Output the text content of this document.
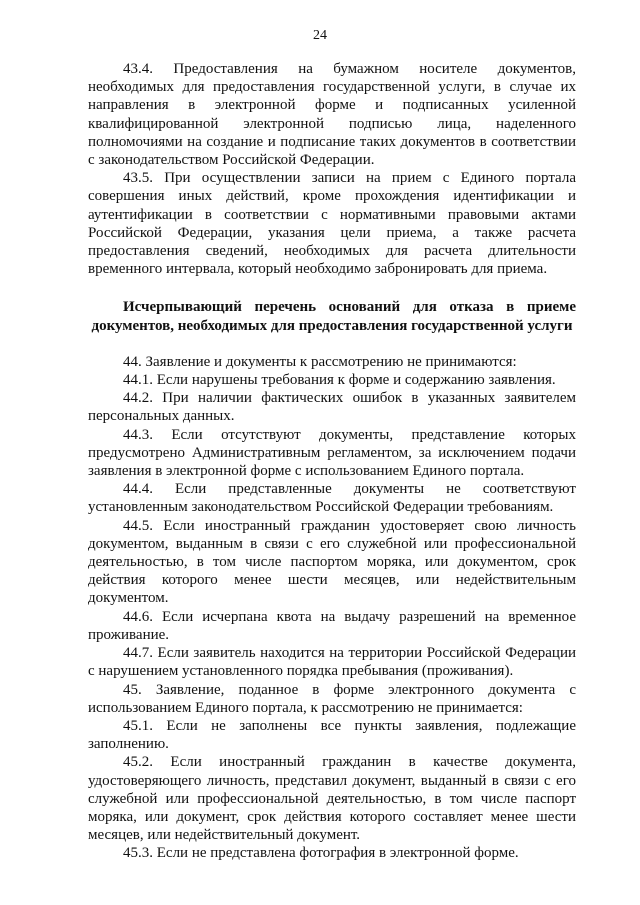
24

43.4. Предоставления на бумажном носителе документов, необходимых для предоставления государственной услуги, в случае их направления в электронной форме и подписанных усиленной квалифицированной электронной подписью лица, наделенного полномочиями на создание и подписание таких документов в соответствии с законодательством Российской Федерации.

43.5. При осуществлении записи на прием с Единого портала совершения иных действий, кроме прохождения идентификации и аутентификации в соответствии с нормативными правовыми актами Российской Федерации, указания цели приема, а также расчета предоставления сведений, необходимых для расчета длительности временного интервала, который необходимо забронировать для приема.

Исчерпывающий перечень оснований для отказа в приеме документов, необходимых для предоставления государственной услуги

44. Заявление и документы к рассмотрению не принимаются:

44.1. Если нарушены требования к форме и содержанию заявления.

44.2. При наличии фактических ошибок в указанных заявителем персональных данных.

44.3. Если отсутствуют документы, представление которых предусмотрено Административным регламентом, за исключением подачи заявления в электронной форме с использованием Единого портала.

44.4. Если представленные документы не соответствуют установленным законодательством Российской Федерации требованиям.

44.5. Если иностранный гражданин удостоверяет свою личность документом, выданным в связи с его служебной или профессиональной деятельностью, в том числе паспортом моряка, или документом, срок действия которого менее шести месяцев, или недействительным документом.

44.6. Если исчерпана квота на выдачу разрешений на временное проживание.

44.7. Если заявитель находится на территории Российской Федерации с нарушением установленного порядка пребывания (проживания).

45. Заявление, поданное в форме электронного документа с использованием Единого портала, к рассмотрению не принимается:

45.1. Если не заполнены все пункты заявления, подлежащие заполнению.

45.2. Если иностранный гражданин в качестве документа, удостоверяющего личность, представил документ, выданный в связи с его служебной или профессиональной деятельностью, в том числе паспорт моряка, или документ, срок действия которого составляет менее шести месяцев, или недействительный документ.

45.3. Если не представлена фотография в электронной форме.
